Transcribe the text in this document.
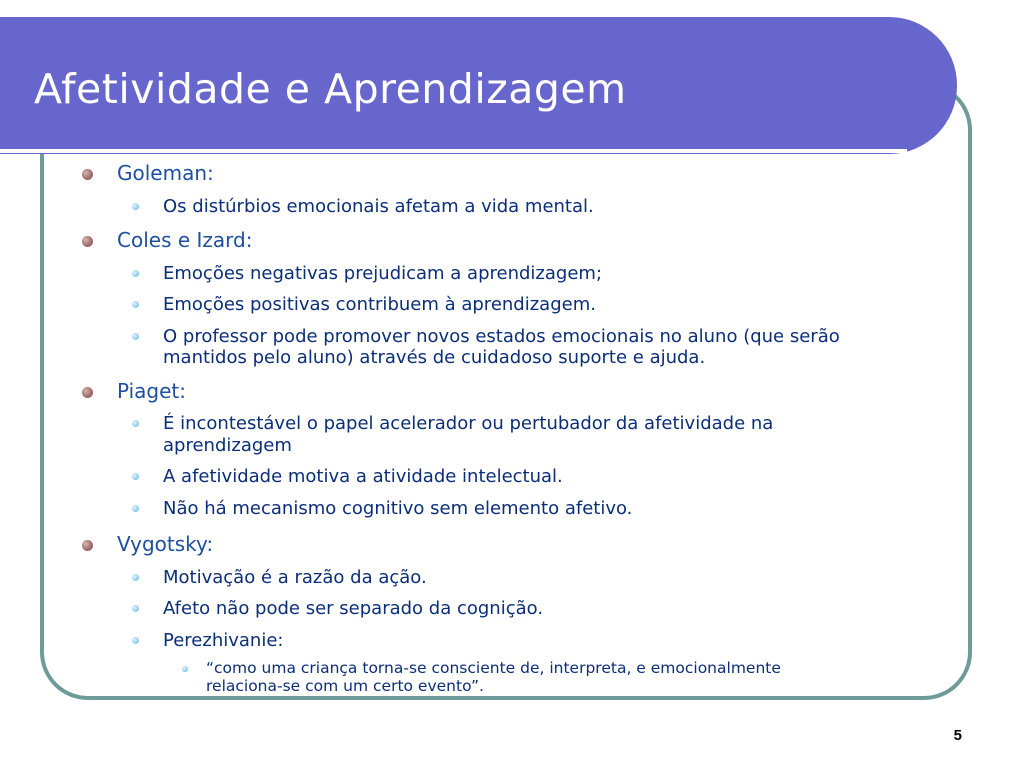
Afetividade e Aprendizagem
Goleman:
Os distúrbios emocionais afetam a vida mental.
Coles e Izard:
Emoções negativas prejudicam a aprendizagem;
Emoções positivas contribuem à aprendizagem.
O professor pode promover novos estados emocionais no aluno (que serão
mantidos pelo aluno) através de cuidadoso suporte e ajuda.
Piaget:
É incontestável o papel acelerador ou pertubador da afetividade na
aprendizagem
A afetividade motiva a atividade intelectual.
Não há mecanismo cognitivo sem elemento afetivo.
Vygotsky:
Motivação é a razão da ação.
Afeto não pode ser separado da cognição.
Perezhivanie:
“como uma criança torna-se consciente de, interpreta, e emocionalmente
relaciona-se com um certo evento”.
5
